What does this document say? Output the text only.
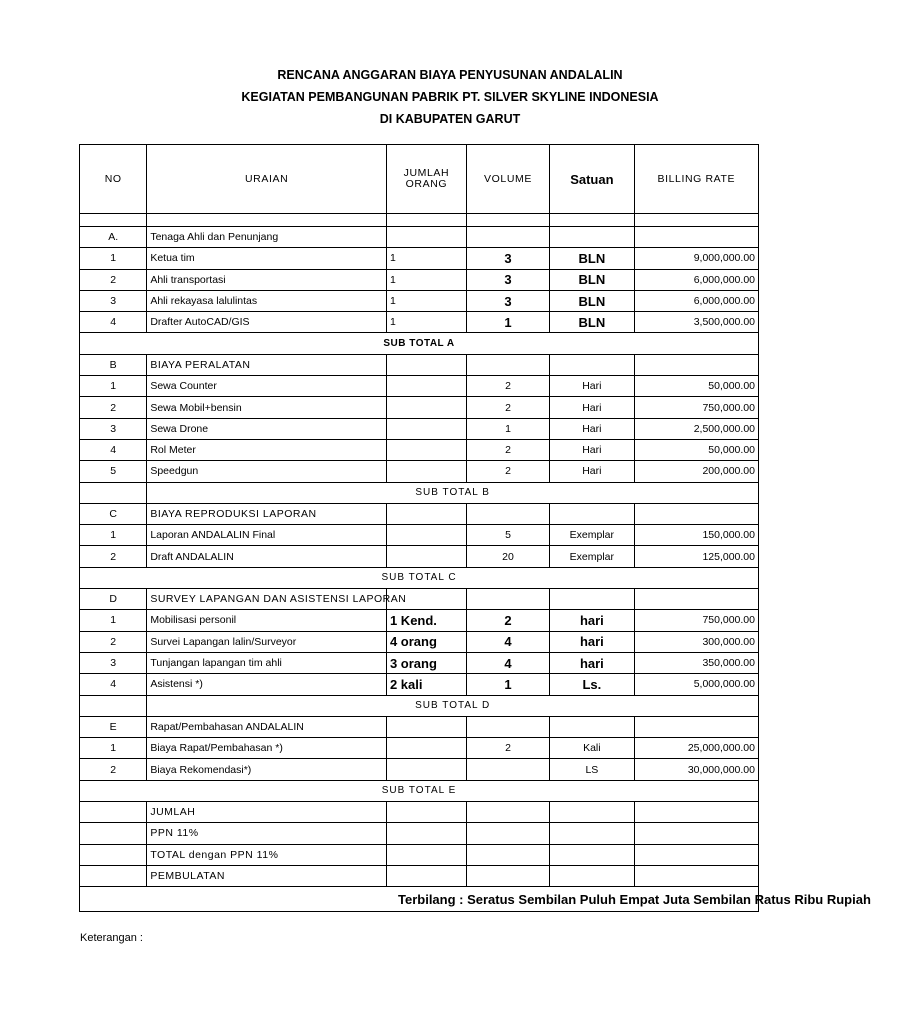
RENCANA ANGGARAN BIAYA PENYUSUNAN ANDALALIN
KEGIATAN PEMBANGUNAN PABRIK PT. SILVER SKYLINE INDONESIA
DI KABUPATEN GARUT
NO	URAIAN	JUMLAH ORANG	VOLUME	Satuan	BILLING RATE

A.	Tenaga Ahli dan Penunjang				
1	Ketua tim	1	3	BLN	9,000,000.00
2	Ahli transportasi	1	3	BLN	6,000,000.00
3	Ahli rekayasa lalulintas	1	3	BLN	6,000,000.00
4	Drafter AutoCAD/GIS	1	1	BLN	3,500,000.00
SUB TOTAL A					
B	BIAYA PERALATAN				
1	Sewa Counter		2	Hari	50,000.00
2	Sewa Mobil+bensin		2	Hari	750,000.00
3	Sewa Drone		1	Hari	2,500,000.00
4	Rol Meter		2	Hari	50,000.00
5	Speedgun		2	Hari	200,000.00
	SUB TOTAL B				
C	BIAYA REPRODUKSI LAPORAN				
1	Laporan ANDALALIN Final		5	Exemplar	150,000.00
2	Draft ANDALALIN		20	Exemplar	125,000.00
SUB TOTAL C					
D	SURVEY LAPANGAN DAN ASISTENSI LAPORAN				
1	Mobilisasi personil	1 Kend.	2	hari	750,000.00
2	Survei Lapangan lalin/Surveyor	4 orang	4	hari	300,000.00
3	Tunjangan lapangan tim ahli	3 orang	4	hari	350,000.00
4	Asistensi *)	2 kali	1	Ls.	5,000,000.00
	SUB TOTAL D				
E	Rapat/Pembahasan ANDALALIN				
1	Biaya Rapat/Pembahasan *)		2	Kali	25,000,000.00
2	Biaya Rekomendasi*)			LS	30,000,000.00
SUB TOTAL E					
	JUMLAH				
	PPN 11%				
	TOTAL dengan PPN 11%				
	PEMBULATAN				
Terbilang : Seratus Sembilan Puluh Empat Juta Sembilan Ratus Ribu Rupiah					
Keterangan :
